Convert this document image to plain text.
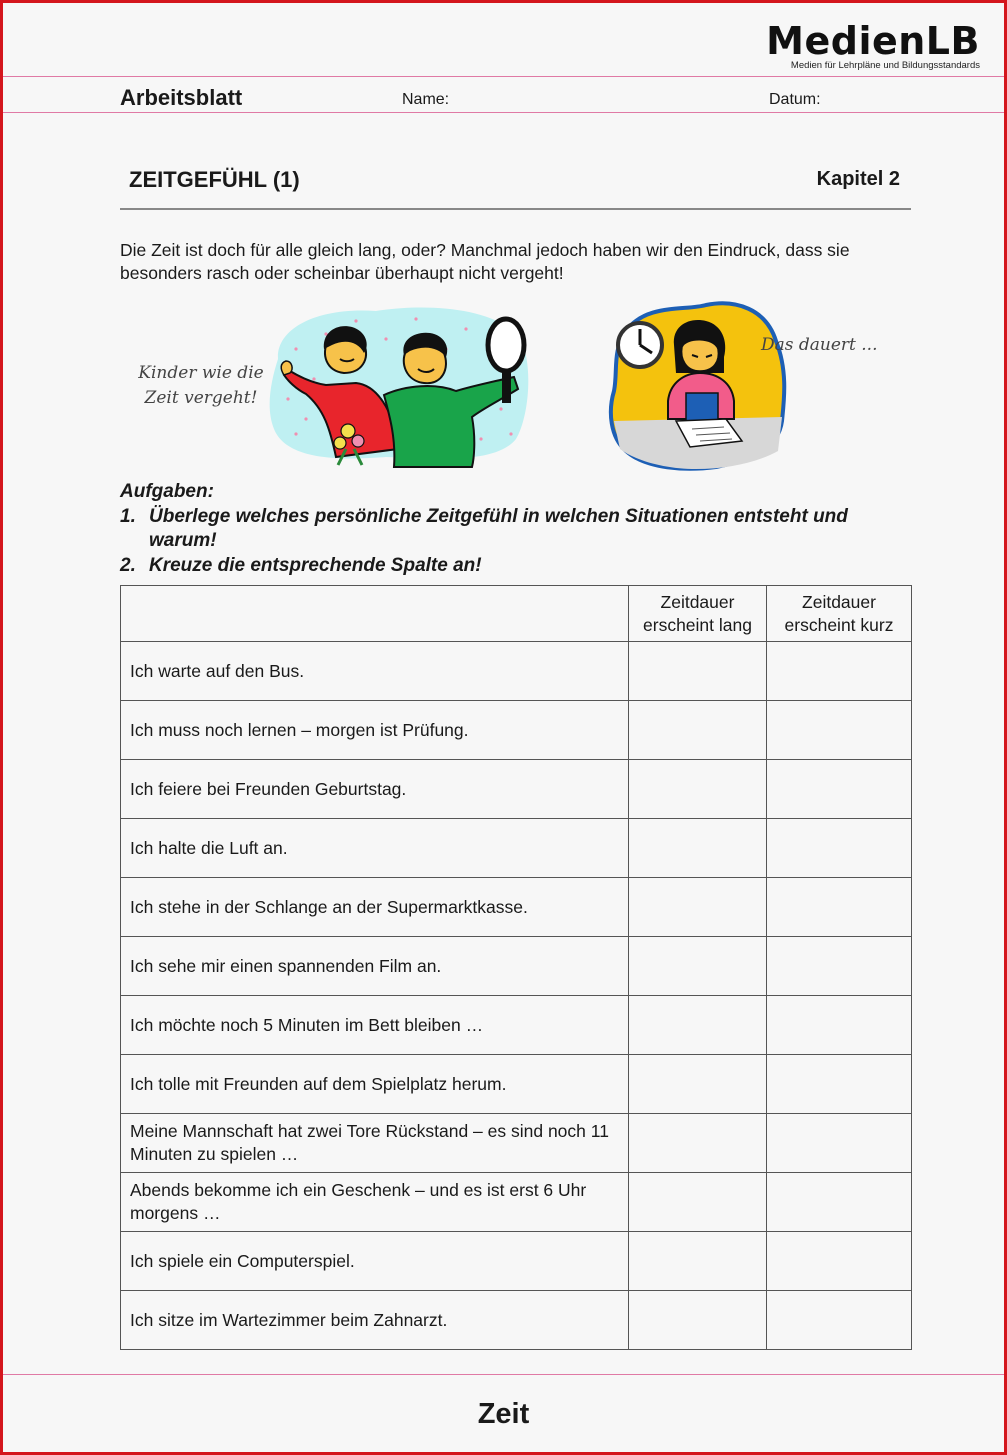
MedienLB
Medien für Lehrpläne und Bildungsstandards
Arbeitsblatt	Name:	Datum:
ZEITGEFÜHL (1)	Kapitel 2
Die Zeit ist doch für alle gleich lang, oder? Manchmal jedoch haben wir den Eindruck, dass sie besonders rasch oder scheinbar überhaupt nicht vergeht!
Kinder wie die
Zeit vergeht!
Das dauert ...
Aufgaben:
1. Überlege welches persönliche Zeitgefühl in welchen Situationen entsteht und warum!
2. Kreuze die entsprechende Spalte an!
	Zeitdauer erscheint lang	Zeitdauer erscheint kurz
Ich warte auf den Bus.		
Ich muss noch lernen – morgen ist Prüfung.		
Ich feiere bei Freunden Geburtstag.		
Ich halte die Luft an.		
Ich stehe in der Schlange an der Supermarktkasse.		
Ich sehe mir einen spannenden Film an.		
Ich möchte noch 5 Minuten im Bett bleiben …		
Ich tolle mit Freunden auf dem Spielplatz herum.		
Meine Mannschaft hat zwei Tore Rückstand – es sind noch 11 Minuten zu spielen …		
Abends bekomme ich ein Geschenk – und es ist erst 6 Uhr morgens …		
Ich spiele ein Computerspiel.		
Ich sitze im Wartezimmer beim Zahnarzt.		
Zeit
